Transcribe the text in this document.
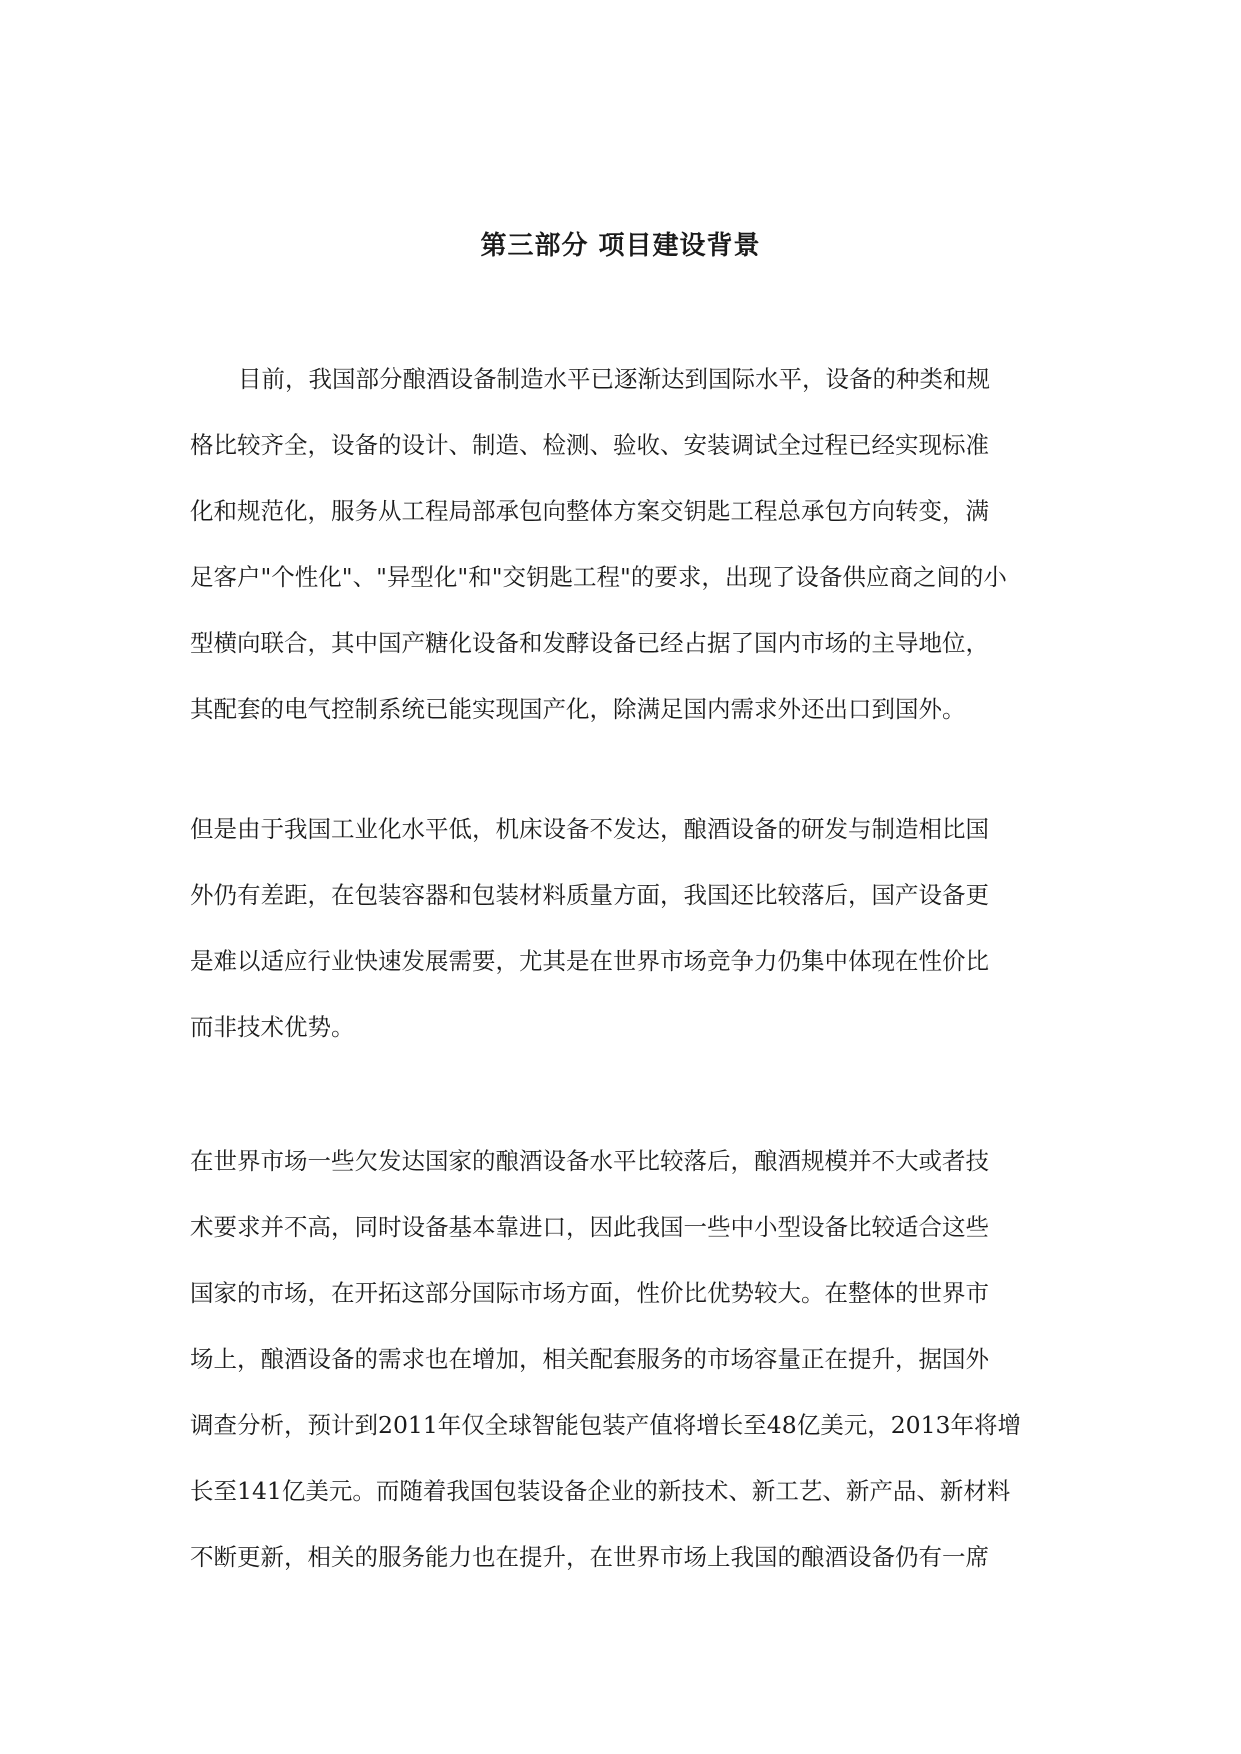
第三部分 项目建设背景

目前，我国部分酿酒设备制造水平已逐渐达到国际水平，设备的种类和规
格比较齐全，设备的设计、制造、检测、验收、安装调试全过程已经实现标准
化和规范化，服务从工程局部承包向整体方案交钥匙工程总承包方向转变，满
足客户"个性化"、"异型化"和"交钥匙工程"的要求，出现了设备供应商之间的小
型横向联合，其中国产糖化设备和发酵设备已经占据了国内市场的主导地位，
其配套的电气控制系统已能实现国产化，除满足国内需求外还出口到国外。

但是由于我国工业化水平低，机床设备不发达，酿酒设备的研发与制造相比国
外仍有差距，在包装容器和包装材料质量方面，我国还比较落后，国产设备更
是难以适应行业快速发展需要，尤其是在世界市场竞争力仍集中体现在性价比
而非技术优势。

在世界市场一些欠发达国家的酿酒设备水平比较落后，酿酒规模并不大或者技
术要求并不高，同时设备基本靠进口，因此我国一些中小型设备比较适合这些
国家的市场，在开拓这部分国际市场方面，性价比优势较大。在整体的世界市
场上，酿酒设备的需求也在增加，相关配套服务的市场容量正在提升，据国外
调查分析，预计到2011年仅全球智能包装产值将增长至48亿美元，2013年将增
长至141亿美元。而随着我国包装设备企业的新技术、新工艺、新产品、新材料
不断更新，相关的服务能力也在提升，在世界市场上我国的酿酒设备仍有一席
